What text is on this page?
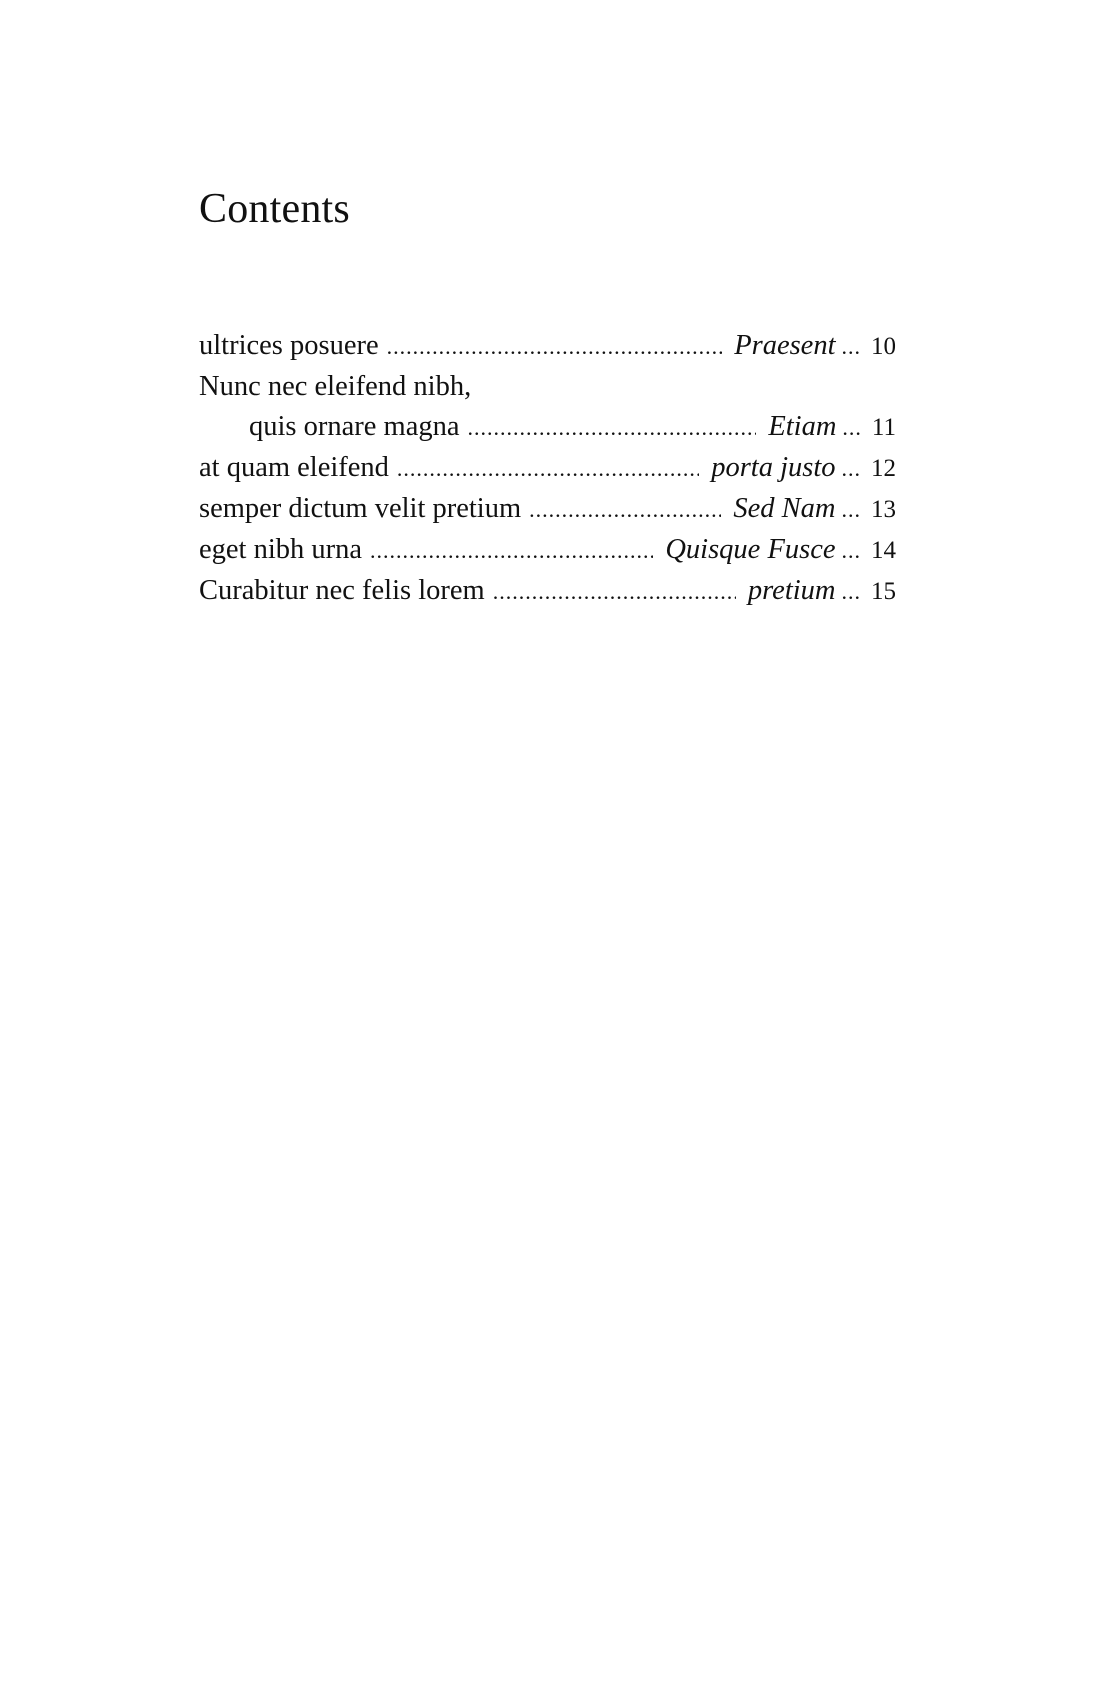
Contents
ultrices posuere .....	Praesent ... 10
Nunc nec eleifend nibh,
quis ornare magna .....	Etiam ... 11
at quam eleifend .....	porta justo ... 12
semper dictum velit pretium .....	Sed Nam ... 13
eget nibh urna .....	Quisque Fusce ... 14
Curabitur nec felis lorem .....	pretium ... 15
